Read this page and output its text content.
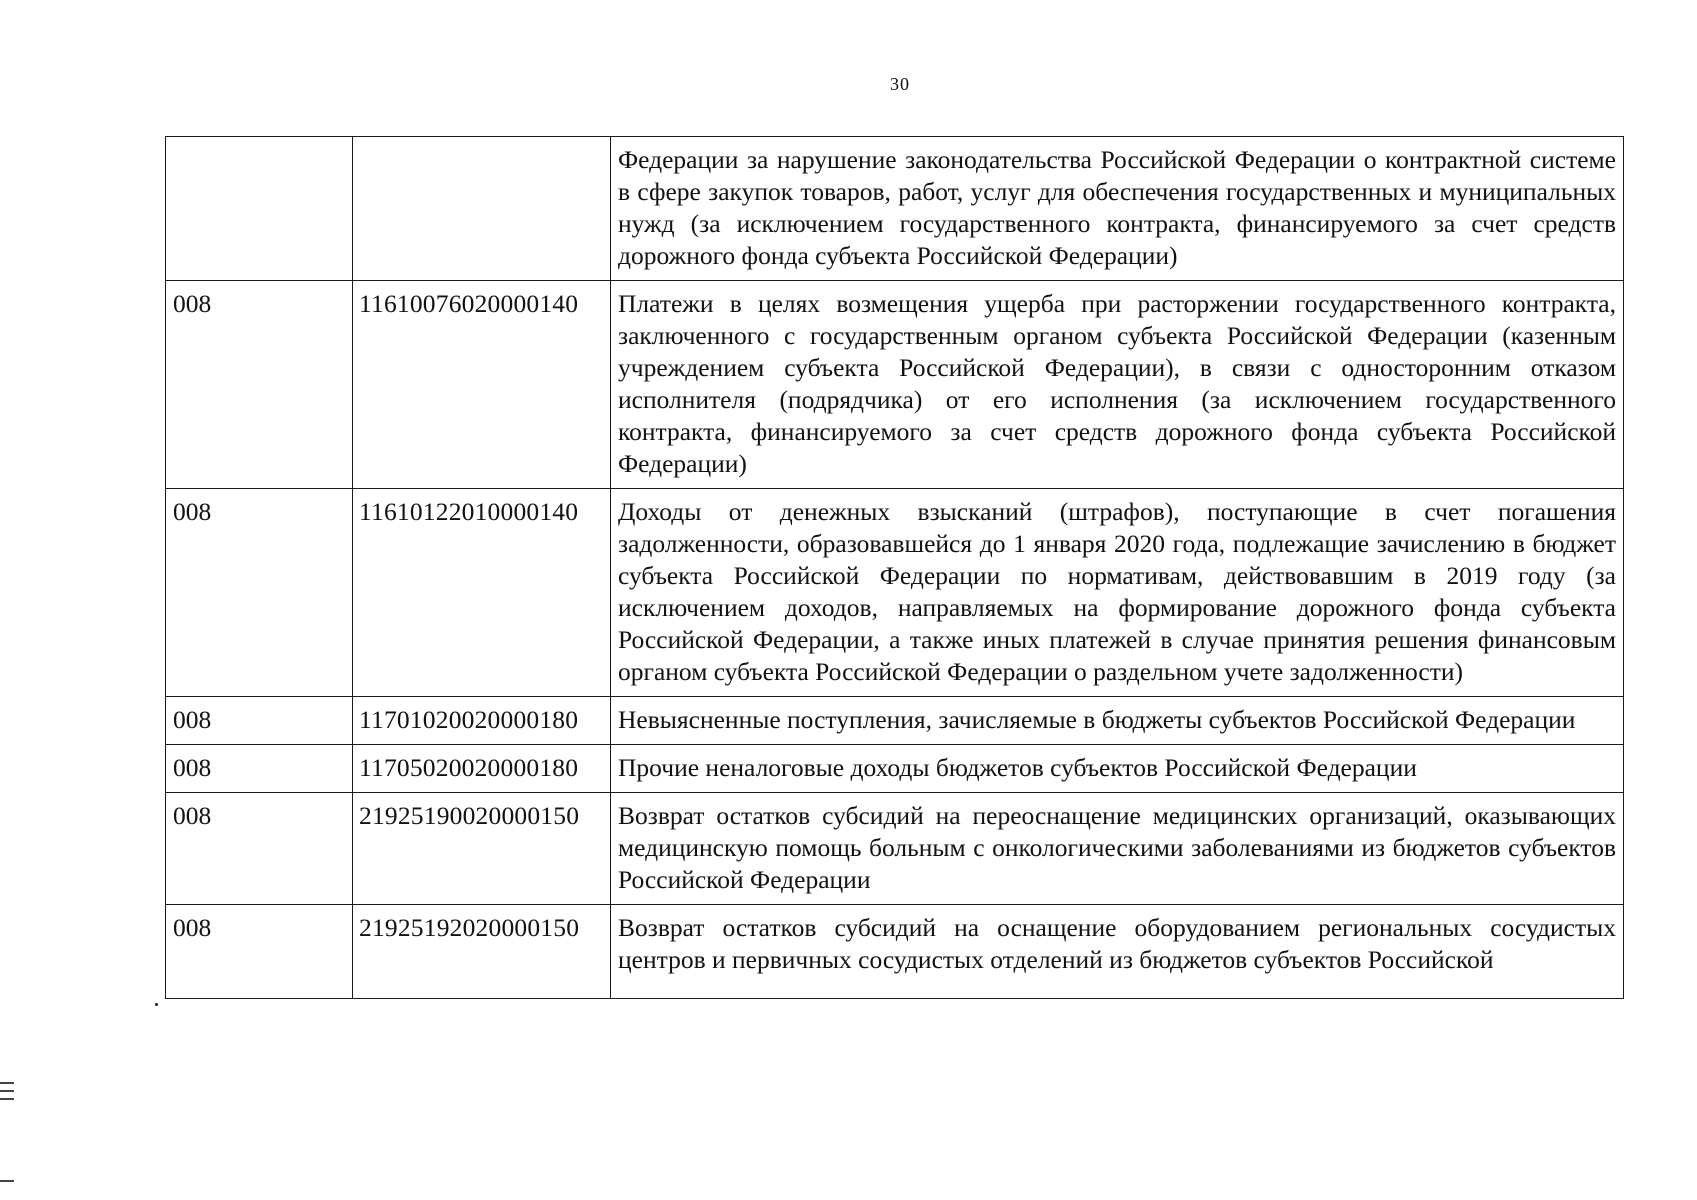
30
		Федерации за нарушение законодательства Российской Федерации о контрактной системе в сфере закупок товаров, работ, услуг для обеспечения государственных и муниципальных нужд (за исключением государственного контракта, финансируемого за счет средств дорожного фонда субъекта Российской Федерации)
008	11610076020000140	Платежи в целях возмещения ущерба при расторжении государственного контракта, заключенного с государственным органом субъекта Российской Федерации (казенным учреждением субъекта Российской Федерации), в связи с односторонним отказом исполнителя (подрядчика) от его исполнения (за исключением государственного контракта, финансируемого за счет средств дорожного фонда субъекта Российской Федерации)
008	11610122010000140	Доходы от денежных взысканий (штрафов), поступающие в счет погашения задолженности, образовавшейся до 1 января 2020 года, подлежащие зачислению в бюджет субъекта Российской Федерации по нормативам, действовавшим в 2019 году (за исключением доходов, направляемых на формирование дорожного фонда субъекта Российской Федерации, а также иных платежей в случае принятия решения финансовым органом субъекта Российской Федерации о раздельном учете задолженности)
008	11701020020000180	Невыясненные поступления, зачисляемые в бюджеты субъектов Российской Федерации
008	11705020020000180	Прочие неналоговые доходы бюджетов субъектов Российской Федерации
008	21925190020000150	Возврат остатков субсидий на переоснащение медицинских организаций, оказывающих медицинскую помощь больным с онкологическими заболеваниями из бюджетов субъектов Российской Федерации
008	21925192020000150	Возврат остатков субсидий на оснащение оборудованием региональных сосудистых центров и первичных сосудистых отделений из бюджетов субъектов Российской
